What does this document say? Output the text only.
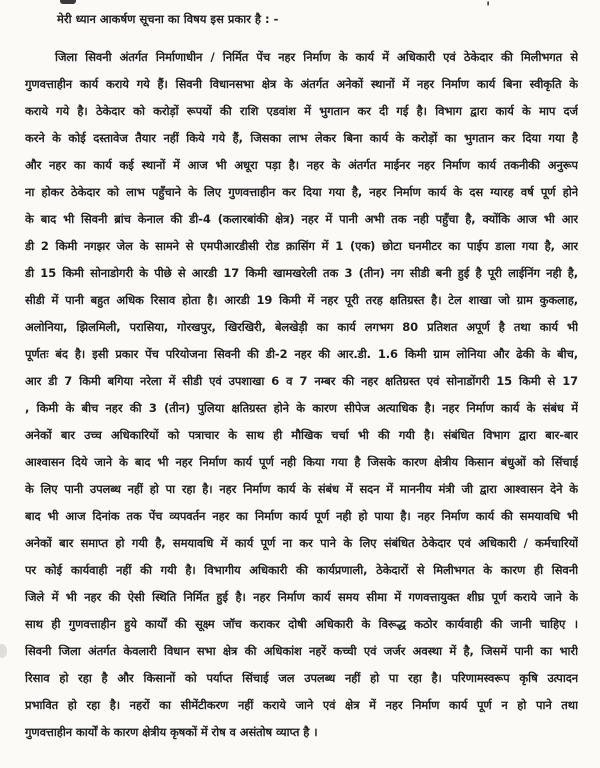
'
मेरी ध्यान आकर्षण सूचना का विषय इस प्रकार है : -
जिला सिवनी अंतर्गत निर्माणाधीन / निर्मित पेंच नहर निर्माण के कार्य में अधिकारी एवं ठेकेदार की मिलीभगत से
गुणवत्ताहीन कार्य कराये गये हैं। सिवनी विधानसभा क्षेत्र के अंतर्गत अनेकों स्थानों में नहर निर्माण कार्य बिना स्वीकृति के
कराये गये है। ठेकेदार को करोड़ों रूपयों की राशि एडवांश में भुगतान कर दी गई है। विभाग द्वारा कार्य के माप दर्ज
करने के कोई दस्तावेज तैयार नहीं किये गये हैं, जिसका लाभ लेकर बिना कार्य के करोड़ों का भुगतान कर दिया गया है
और नहर का कार्य कई स्थानों में आज भी अधूरा पड़ा है। नहर के अंतर्गत माईनर नहर निर्माण कार्य तकनीकी अनुरूप
ना होकर ठेकेदार को लाभ पहुँचाने के लिए गुणवत्ताहीन कर दिया गया है, नहर निर्माण कार्य के दस ग्यारह वर्ष पूर्ण होने
के बाद भी सिवनी ब्रांच केनाल की डी-4 (कलारबांकी क्षेत्र) नहर में पानी अभी तक नही पहुँचा है, क्योंकि आज भी आर
डी 2 किमी नगझर जेल के सामने से एमपीआरडीसी रोड क्रासिंग में 1 (एक) छोटा घनमीटर का पाईप डाला गया है, आर
डी 15 किमी सोनाडोगरी के पीछे से आरडी 17 किमी खामखरेली तक 3 (तीन) नग सीडी बनी हुई है पूरी लाईनिंग नही है,
सीडी में पानी बहुत अधिक रिसाव होता है। आरडी 19 किमी में नहर पूरी तरह क्षतिग्रस्त है। टेल शाखा जो ग्राम कुकलाह,
अलोनिया, झिलमिली, परासिया, गोरखपुर, खिरखिरी, बेलखेड़ी का कार्य लगभग 80 प्रतिशत अपूर्ण है तथा कार्य भी
पूर्णतः बंद है। इसी प्रकार पेंच परियोजना सिवनी की डी-2 नहर की आर.डी. 1.6 किमी ग्राम लोनिया और ढेकी के बीच,
आर डी 7 किमी बगिया नरेला में सीडी एवं उपशाखा 6 व 7 नम्बर की नहर क्षतिग्रस्त एवं सोनाडोंगरी 15 किमी से 17
, किमी के बीच नहर की 3 (तीन) पुलिया क्षतिग्रस्त होने के कारण सीपेज अत्याधिक है। नहर निर्माण कार्य के संबंध में
अनेकों बार उच्च अधिकारियों को पत्राचार के साथ ही मौखिक चर्चा भी की गयी है। संबंधित विभाग द्वारा बार-बार
आश्वासन दिये जाने के बाद भी नहर निर्माण कार्य पूर्ण नही किया गया है जिसके कारण क्षेत्रीय किसान बंधुओं को सिंचाई
के लिए पानी उपलब्ध नहीं हो पा रहा है। नहर निर्माण कार्य के संबंध में सदन में माननीय मंत्री जी द्वारा आश्वासन देने के
बाद भी आज दिनांक तक पेंच व्यपवर्तन नहर का निर्माण कार्य पूर्ण नही हो पाया है। नहर निर्माण कार्य की समयावधि भी
अनेकों बार समाप्त हो गयी है, समयावधि में कार्य पूर्ण ना कर पाने के लिए संबंधित ठेकेदार एवं अधिकारी / कर्मचारियों
पर कोई कार्यवाही नहीं की गयी है। विभागीय अधिकारी की कार्यप्रणाली, ठेकेदारों से मिलीभगत के कारण ही सिवनी
जिले में भी नहर की ऐसी स्थिति निर्मित हुई है। नहर निर्माण कार्य समय सीमा में गणवत्तायुक्त शीघ्र पूर्ण कराये जाने के
साथ ही गुणवत्ताहीन हुये कार्यों की सूक्ष्म जॉच कराकर दोषी अधिकारी के विरूद्ध कठोर कार्यवाही की जानी चाहिए ।
सिवनी जिला अंतर्गत केवलारी विधान सभा क्षेत्र की अधिकांश नहरें कच्ची एवं जर्जर अवस्था में है, जिसमें पानी का भारी
रिसाव हो रहा है और किसानों को पर्याप्त सिंचाई जल उपलब्ध नहीं हो पा रहा है। परिणामस्वरूप कृषि उत्पादन
प्रभावित हो रहा है। नहरों का सीमेंटीकरण नहीं कराये जाने एवं क्षेत्र में नहर निर्माण कार्य पूर्ण न हो पाने तथा
गुणवत्ताहीन कार्यों के कारण क्षेत्रीय कृषकों में रोष व असंतोष व्याप्त है ।
